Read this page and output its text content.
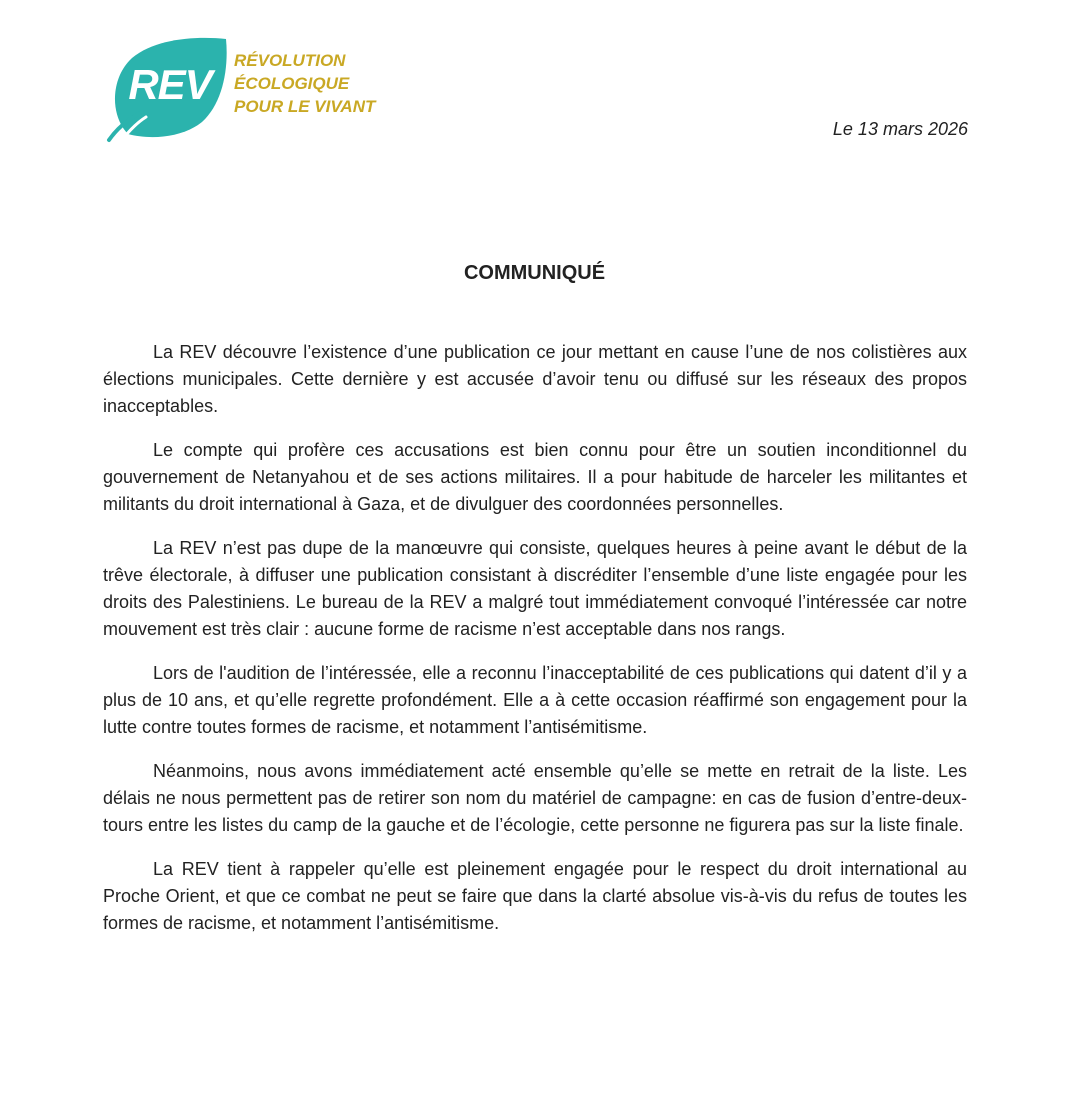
REV
RÉVOLUTION
ÉCOLOGIQUE
POUR LE VIVANT
Le 13 mars 2026
COMMUNIQUÉ

La REV découvre l’existence d’une publication ce jour mettant en cause l’une de nos colistières aux élections municipales. Cette dernière y est accusée d’avoir tenu ou diffusé sur les réseaux des propos inacceptables.

Le compte qui profère ces accusations est bien connu pour être un soutien inconditionnel du gouvernement de Netanyahou et de ses actions militaires. Il a pour habitude de harceler les militantes et militants du droit international à Gaza, et de divulguer des coordonnées personnelles.

La REV n’est pas dupe de la manœuvre qui consiste, quelques heures à peine avant le début de la trêve électorale, à diffuser une publication consistant à discréditer l’ensemble d’une liste engagée pour les droits des Palestiniens. Le bureau de la REV a malgré tout immédiatement convoqué l’intéressée car notre mouvement est très clair : aucune forme de racisme n’est acceptable dans nos rangs.

Lors de l'audition de l’intéressée, elle a reconnu l’inacceptabilité de ces publications qui datent d’il y a plus de 10 ans, et qu’elle regrette profondément. Elle a à cette occasion réaffirmé son engagement pour la lutte contre toutes formes de racisme, et notamment l’antisémitisme.

Néanmoins, nous avons immédiatement acté ensemble qu’elle se mette en retrait de la liste. Les délais ne nous permettent pas de retirer son nom du matériel de campagne: en cas de fusion d’entre-deux-tours entre les listes du camp de la gauche et de l’écologie, cette personne ne figurera pas sur la liste finale.

La REV tient à rappeler qu’elle est pleinement engagée pour le respect du droit international au Proche Orient, et que ce combat ne peut se faire que dans la clarté absolue vis-à-vis du refus de toutes les formes de racisme, et notamment l’antisémitisme.
